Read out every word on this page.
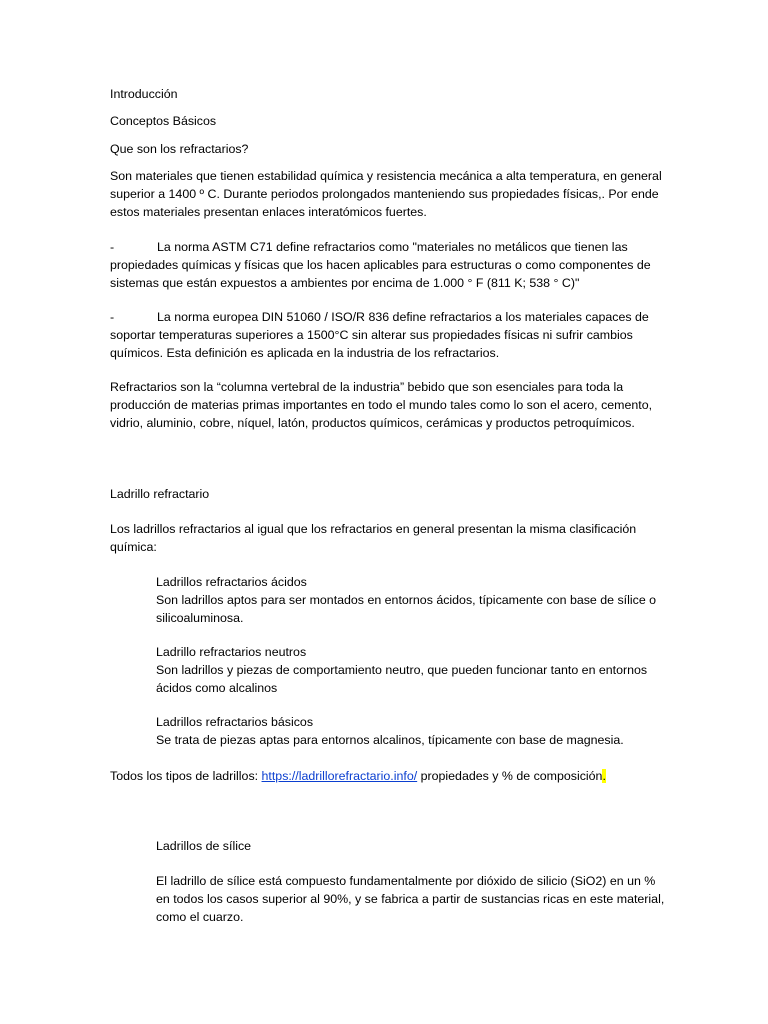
Introducción

Conceptos Básicos

Que son los refractarios?

Son materiales que tienen estabilidad química y resistencia mecánica a alta temperatura, en general superior a 1400 º C. Durante periodos prolongados manteniendo sus propiedades físicas,. Por ende estos materiales presentan enlaces interatómicos fuertes.

-	La norma ASTM C71 define refractarios como "materiales no metálicos que tienen las propiedades químicas y físicas que los hacen aplicables para estructuras o como componentes de sistemas que están expuestos a ambientes por encima de 1.000 ° F (811 K; 538 ° C)"

-	La norma europea DIN 51060 / ISO/R 836 define refractarios a los materiales capaces de soportar temperaturas superiores a 1500°C sin alterar sus propiedades físicas ni sufrir cambios químicos. Esta definición es aplicada en la industria de los refractarios.

Refractarios son la “columna vertebral de la industria” bebido que son esenciales para toda la producción de materias primas importantes en todo el mundo tales como lo son el acero, cemento, vidrio, aluminio, cobre, níquel, latón, productos químicos, cerámicas y productos petroquímicos.

Ladrillo refractario

Los ladrillos refractarios al igual que los refractarios en general presentan la misma clasificación química:

Ladrillos refractarios ácidos
Son ladrillos aptos para ser montados en entornos ácidos, típicamente con base de sílice o silicoaluminosa.
Ladrillo refractarios neutros
Son ladrillos y piezas de comportamiento neutro, que pueden funcionar tanto en entornos ácidos como alcalinos
Ladrillos refractarios básicos
Se trata de piezas aptas para entornos alcalinos, típicamente con base de magnesia.

Todos los tipos de ladrillos: https://ladrillorefractario.info/ propiedades y % de composición.

Ladrillos de sílice

El ladrillo de sílice está compuesto fundamentalmente por dióxido de silicio (SiO2) en un % en todos los casos superior al 90%, y se fabrica a partir de sustancias ricas en este material, como el cuarzo.
